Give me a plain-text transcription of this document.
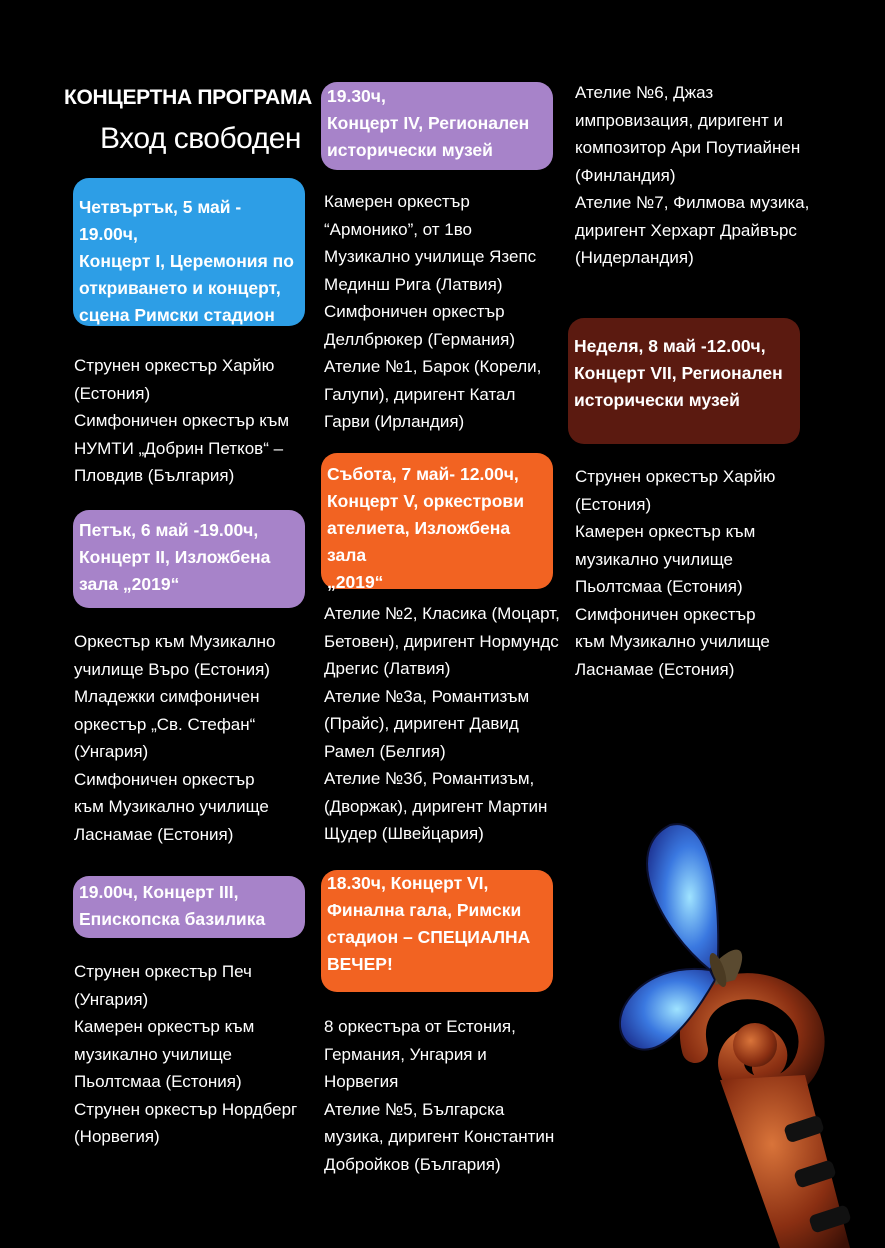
КОНЦЕРТНА ПРОГРАМА
Вход свободен
Четвъртък, 5 май - 19.00ч,
Концерт I, Церемония по
откриването и концерт,
сцена Римски стадион
Струнен оркестър Харйю
(Естония)
Симфоничен оркестър към
НУМТИ „Добрин Петков“ –
Пловдив (България)
Петък, 6 май -19.00ч,
Концерт II, Изложбена
зала „2019“
Оркестър към Музикално
училище Върo (Естония)
Младежки симфоничен
оркестър „Св. Стефан“
(Унгария)
Симфоничен оркестър
към Музикално училище
Ласнамае (Естония)
19.00ч, Концерт III,
Епископска базилика
Струнен оркестър Печ
(Унгария)
Камерен оркестър към
музикално училище
Пьолтсмаа (Естония)
Струнен оркестър Нордберг
(Норвегия)
19.30ч,
Концерт IV, Регионален
исторически музей
Камерен оркестър
“Армонико”, от 1во
Музикално училище Язепс
Мединш Рига (Латвия)
Симфоничен оркестър
Деллбрюкер (Германия)
Ателие №1, Барок (Корели,
Галупи), диригент Катал
Гарви (Ирландия)
Събота, 7 май- 12.00ч,
Концерт V, оркестрови
ателиета, Изложбена зала
„2019“
Ателие №2, Класика (Моцарт,
Бетовен), диригент Нормундс
Дрегис (Латвия)
Ателие №3а, Романтизъм
(Прайс), диригент Давид
Рамел (Белгия)
Ателие №3б, Романтизъм,
(Дворжак), диригент Мартин
Щудер (Швейцария)
18.30ч, Концерт VI,
Финална гала, Римски
стадион – СПЕЦИАЛНА
ВЕЧЕР!
8 оркестъра от Естония,
Германия, Унгария и Норвегия
Ателие №5, Българска
музика, диригент Константин
Добройков (България)
Ателие №6, Джаз
импровизация, диригент и
композитор Ари Поутиайнен
(Финландия)
Ателие №7, Филмова музика,
диригент Херхарт Драйвърс
(Нидерландия)
Неделя, 8 май -12.00ч,
Концерт VII, Регионален
исторически музей
Струнен оркестър Харйю
(Естония)
Камерен оркестър към
музикално училище
Пьолтсмаа (Естония)
Симфоничен оркестър
към Музикално училище
Ласнамае (Естония)
